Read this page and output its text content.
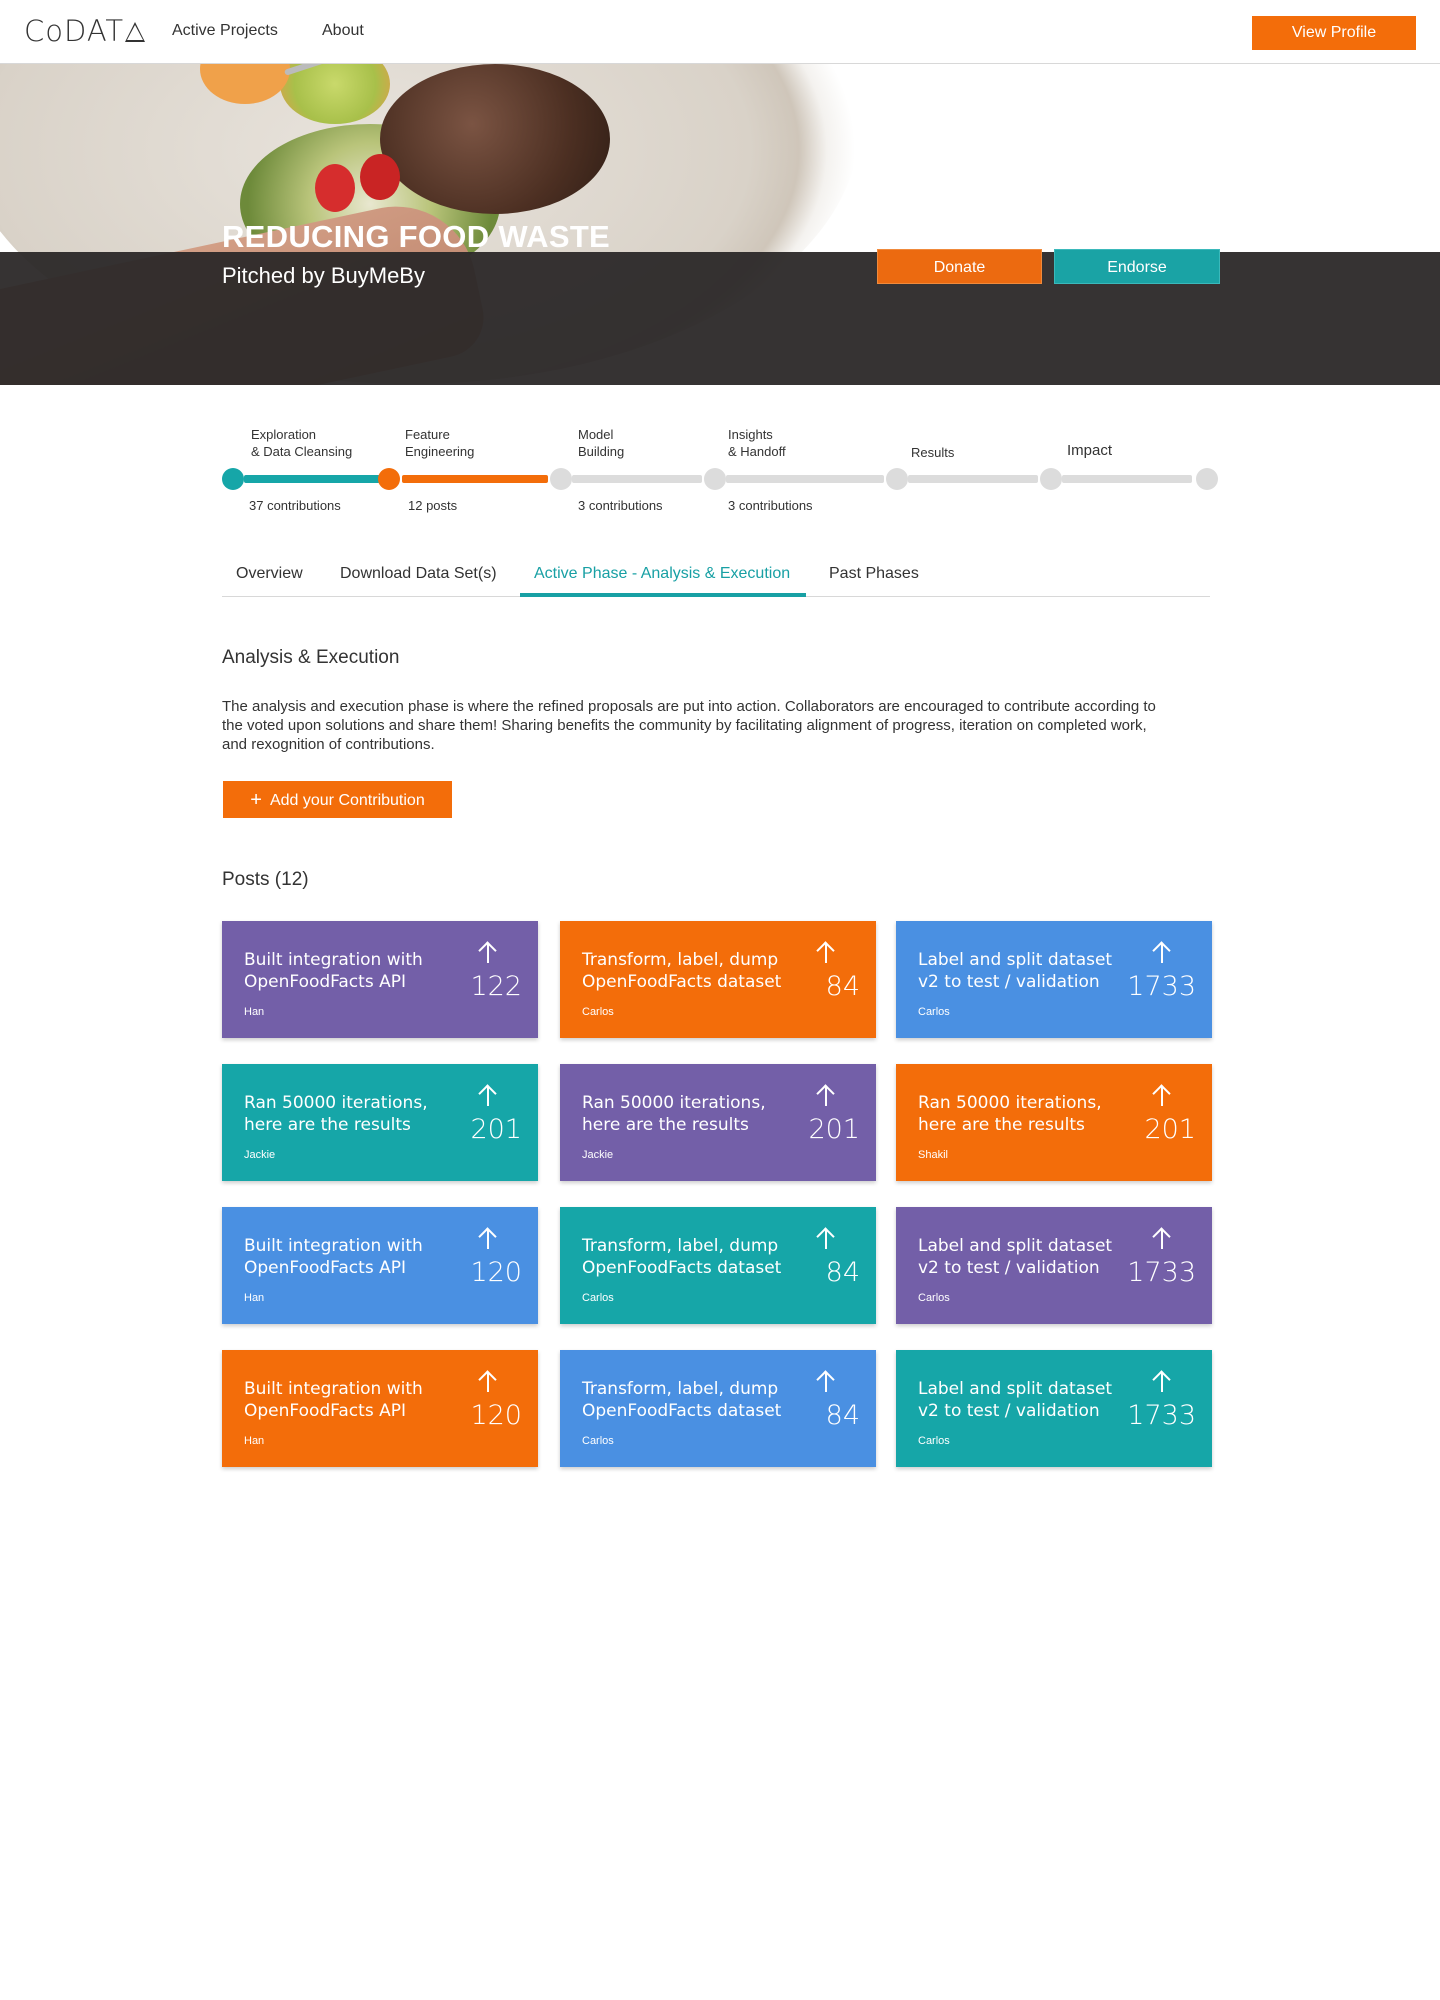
CoDAT	Active Projects	About	View Profile
REDUCING FOOD WASTE
Pitched by BuyMeBy
10208 tokens endorsed
Donate	Endorse
Exploration
& Data Cleansing
Feature
Engineering
Model
Building
Insights
& Handoff	Results	Impact
37 contributions	12 posts	3 contributions	3 contributions
Overview Download Data Set(s) Active Phase - Analysis & Execution Past Phases
Analysis & Execution
The analysis and execution phase is where the refined proposals are put into action. Collaborators are encouraged to contribute according to the voted upon solutions and share them! Sharing benefits the community by facilitating alignment of progress, iteration on completed work, and rexognition of contributions.
+ Add your Contribution
Posts (12)
Built integration with OpenFoodFacts API
Han
122
Transform, label, dump OpenFoodFacts dataset
Carlos
84
Label and split dataset v2 to test / validation
Carlos
1733
Ran 50000 iterations, here are the results
Jackie
201
Ran 50000 iterations, here are the results
Jackie
201
Ran 50000 iterations, here are the results
Shakil
201
Built integration with OpenFoodFacts API
Han
120
Transform, label, dump OpenFoodFacts dataset
Carlos
84
Label and split dataset v2 to test / validation
Carlos
1733
Built integration with OpenFoodFacts API
Han
120
Transform, label, dump OpenFoodFacts dataset
Carlos
84
Label and split dataset v2 to test / validation
Carlos
1733
